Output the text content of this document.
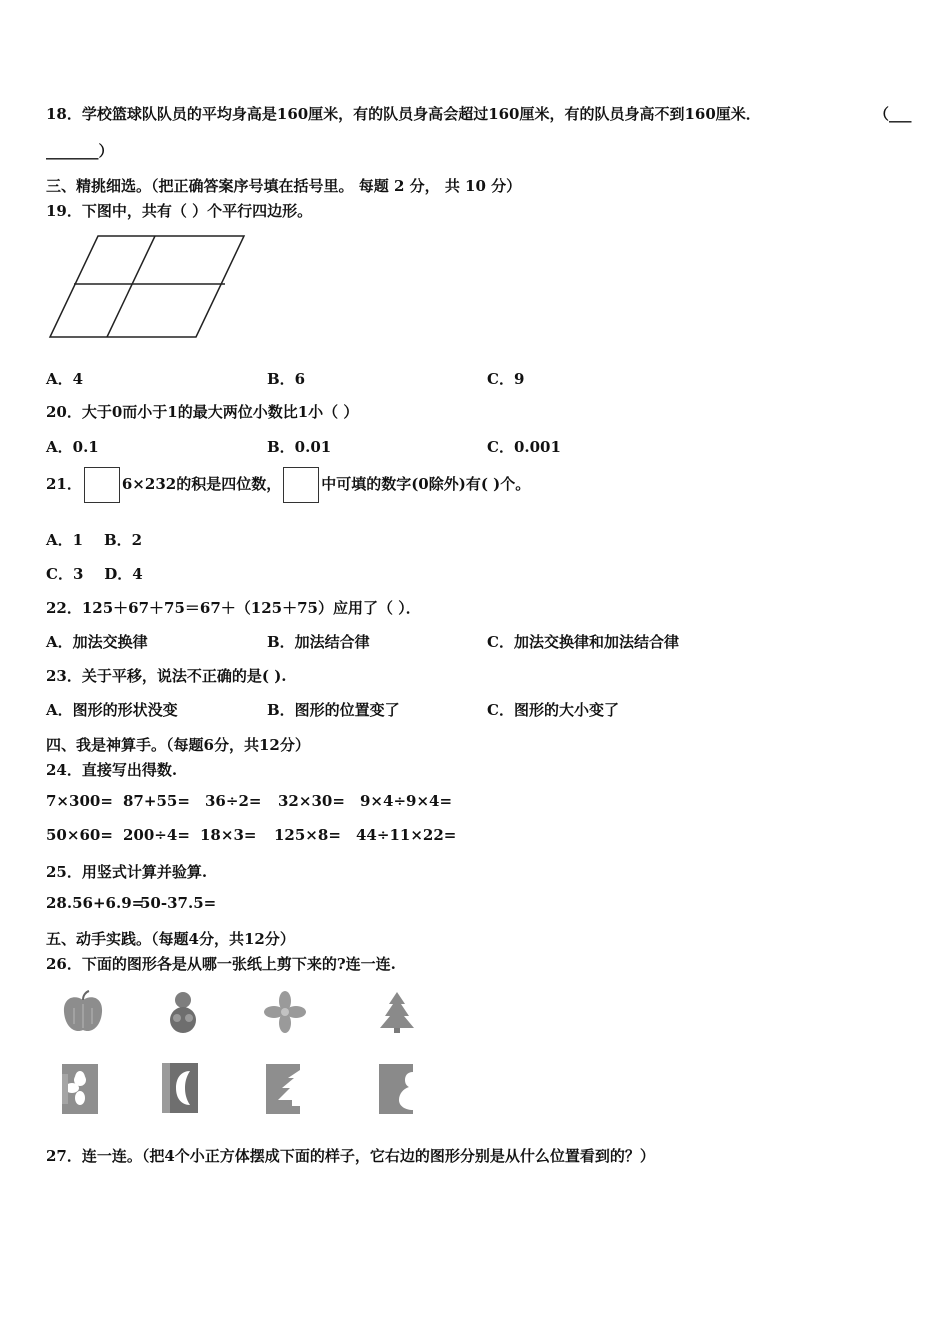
18．学校篮球队队员的平均身高是160厘米，有的队员身高会超过160厘米，有的队员身高不到160厘米．	（___
_______）
三、精挑细选。（把正确答案序号填在括号里。 每题 2 分， 共 10 分）
19．下图中，共有（ ）个平行四边形。
A．4	B．6	C．9
20．大于0而小于1的最大两位小数比1小（ ）
A．0.1	B．0.01	C．0.001
21．	6×232的积是四位数，	中可填的数字(0除外)有( )个。
A．1    B．2
C．3    D．4
22．125＋67＋75＝67＋（125＋75）应用了（ ）．
A．加法交换律	B．加法结合律	C．加法交换律和加法结合律
23．关于平移，说法不正确的是( ).
A．图形的形状没变	B．图形的位置变了	C．图形的大小变了
四、我是神算手。（每题6分，共12分）
24．直接写出得数.
7×300= 87+55= 36÷2= 32×30= 9×4÷9×4=
50×60= 200÷4= 18×3= 125×8= 44÷11×22=
25．用竖式计算并验算.
28.56+6.9=
50-37.5=
五、动手实践。（每题4分，共12分）
26．下面的图形各是从哪一张纸上剪下来的?连一连.
27．连一连。（把4个小正方体摆成下面的样子，它右边的图形分别是从什么位置看到的？）
